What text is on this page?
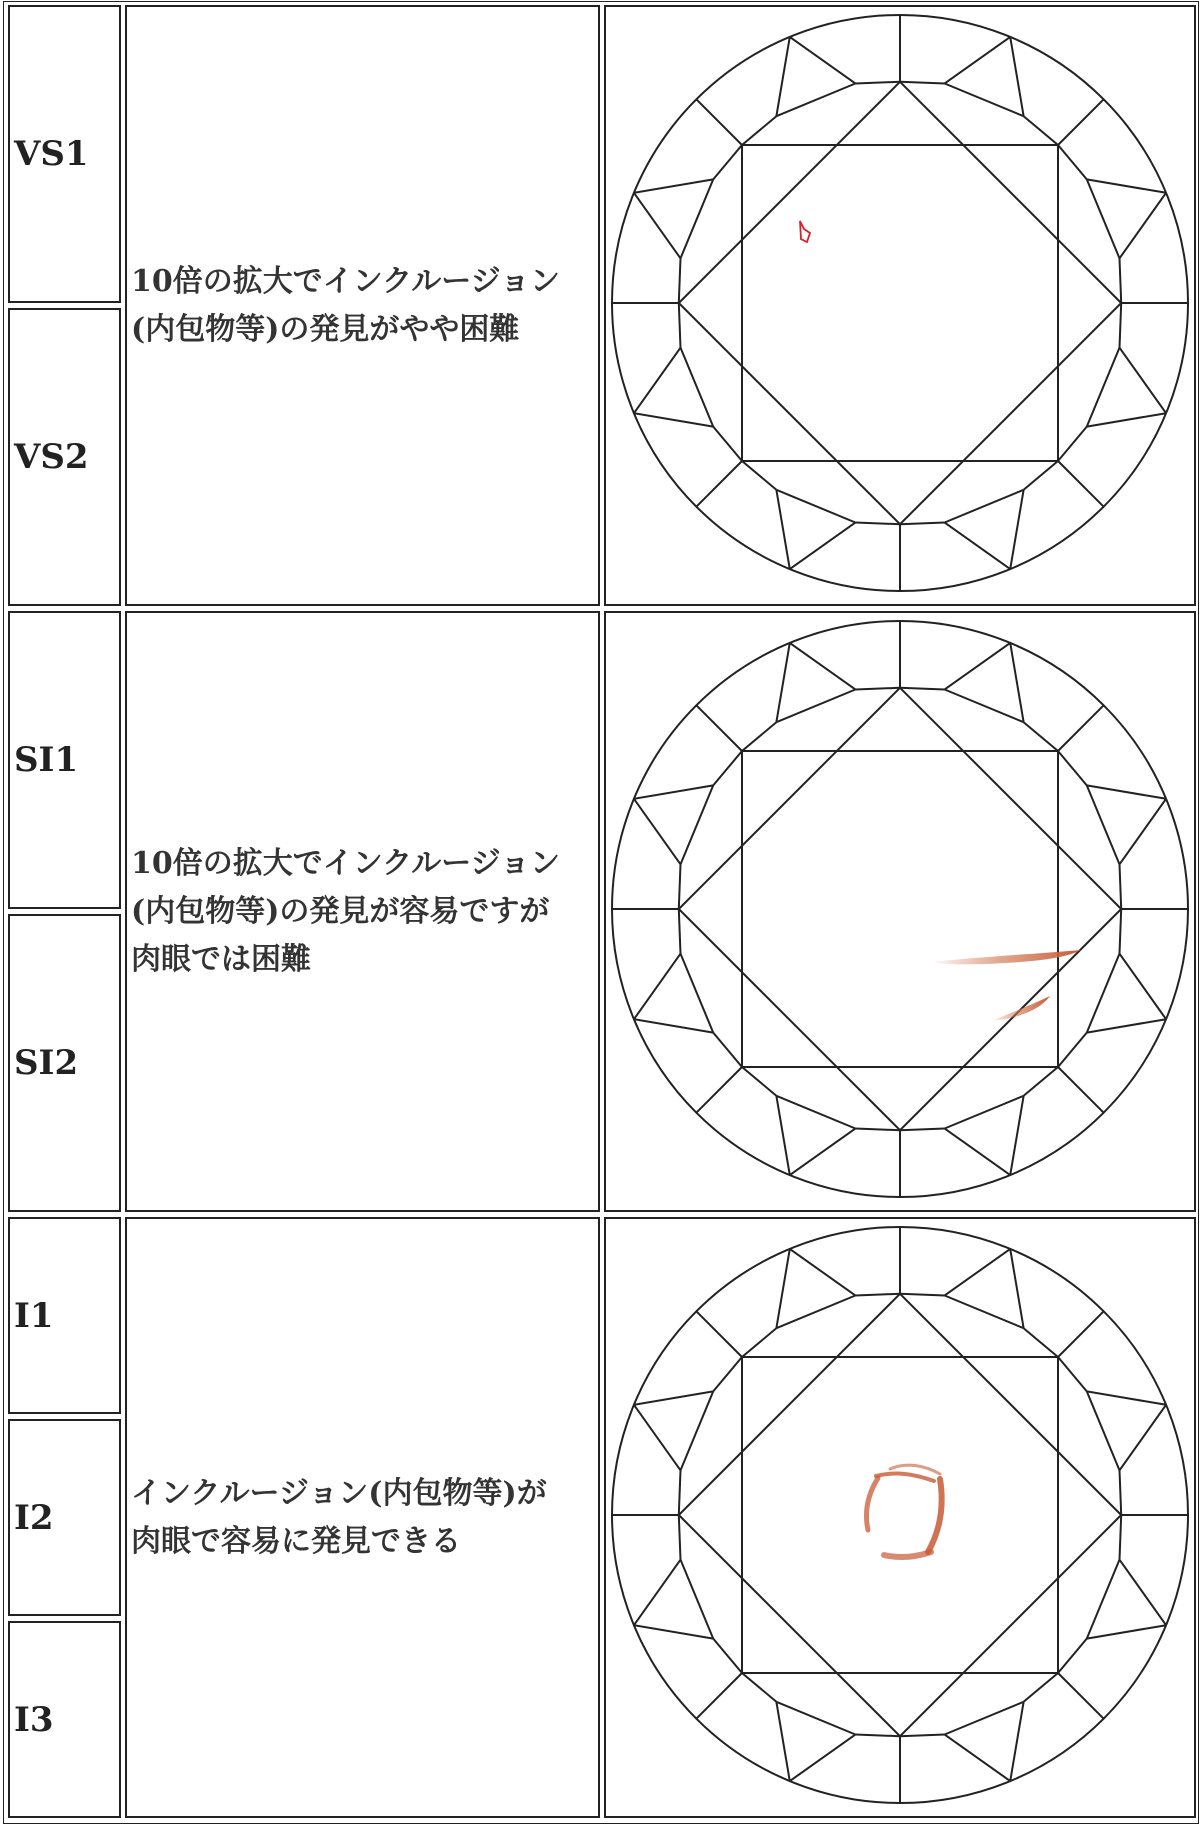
VS1
VS2
10倍の拡大でインクルージョン
(内包物等)の発見がやや困難
SI1
SI2
10倍の拡大でインクルージョン
(内包物等)の発見が容易ですが
肉眼では困難
I1
I2
I3
インクルージョン(内包物等)が
肉眼で容易に発見できる
